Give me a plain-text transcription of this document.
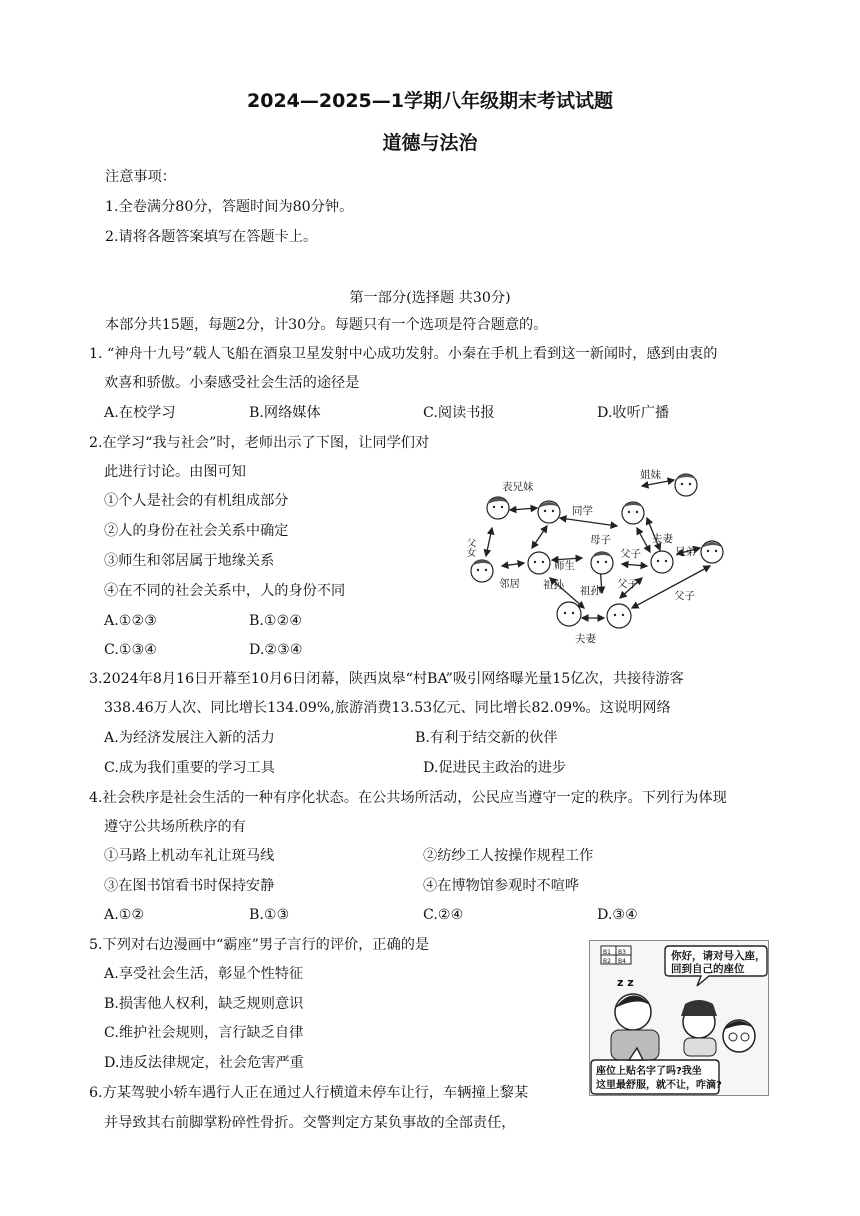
2024—2025—1学期八年级期末考试试题
道德与法治
注意事项：
1.全卷满分80分，答题时间为80分钟。
2.请将各题答案填写在答题卡上。
第一部分(选择题 共30分)
本部分共15题，每题2分，计30分。每题只有一个选项是符合题意的。
1. “神舟十九号”载人飞船在酒泉卫星发射中心成功发射。小秦在手机上看到这一新闻时，感到由衷的
欢喜和骄傲。小秦感受社会生活的途径是
A.在校学习	B.网络媒体	C.阅读书报	D.收听广播
2.在学习“我与社会”时，老师出示了下图，让同学们对
此进行讨论。由图可知
①个人是社会的有机组成部分
②人的身份在社会关系中确定
③师生和邻居属于地缘关系
④在不同的社会关系中，人的身份不同
A.①②③	B.①②④
C.①③④	D.②③④
表兄妹
姐妹
同学
夫妻
母子
父子	兄弟
父女
师生
邻居 祖孙 祖孙
父子
父子
夫妻
3.2024年8月16日开幕至10月6日闭幕，陕西岚皋“村BA”吸引网络曝光量15亿次，共接待游客
338.46万人次、同比增长134.09%,旅游消费13.53亿元、同比增长82.09%。这说明网络
A.为经济发展注入新的活力	B.有利于结交新的伙伴
C.成为我们重要的学习工具	D.促进民主政治的进步
4.社会秩序是社会生活的一种有序化状态。在公共场所活动，公民应当遵守一定的秩序。下列行为体现
遵守公共场所秩序的有
①马路上机动车礼让斑马线	②纺纱工人按操作规程工作
③在图书馆看书时保持安静	④在博物馆参观时不喧哗
A.①②	B.①③	C.②④	D.③④
5.下列对右边漫画中“霸座”男子言行的评价，正确的是
A.享受社会生活，彰显个性特征
B.损害他人权利，缺乏规则意识
C.维护社会规则，言行缺乏自律
D.违反法律规定，社会危害严重
B1 B3
B2 B4	你好，请对号入座，
回到自己的座位
z z
座位上贴名字了吗?我坐
这里最舒服，就不让，咋滴?
6.方某驾驶小轿车遇行人正在通过人行横道未停车让行，车辆撞上黎某
并导致其右前脚掌粉碎性骨折。交警判定方某负事故的全部责任，
